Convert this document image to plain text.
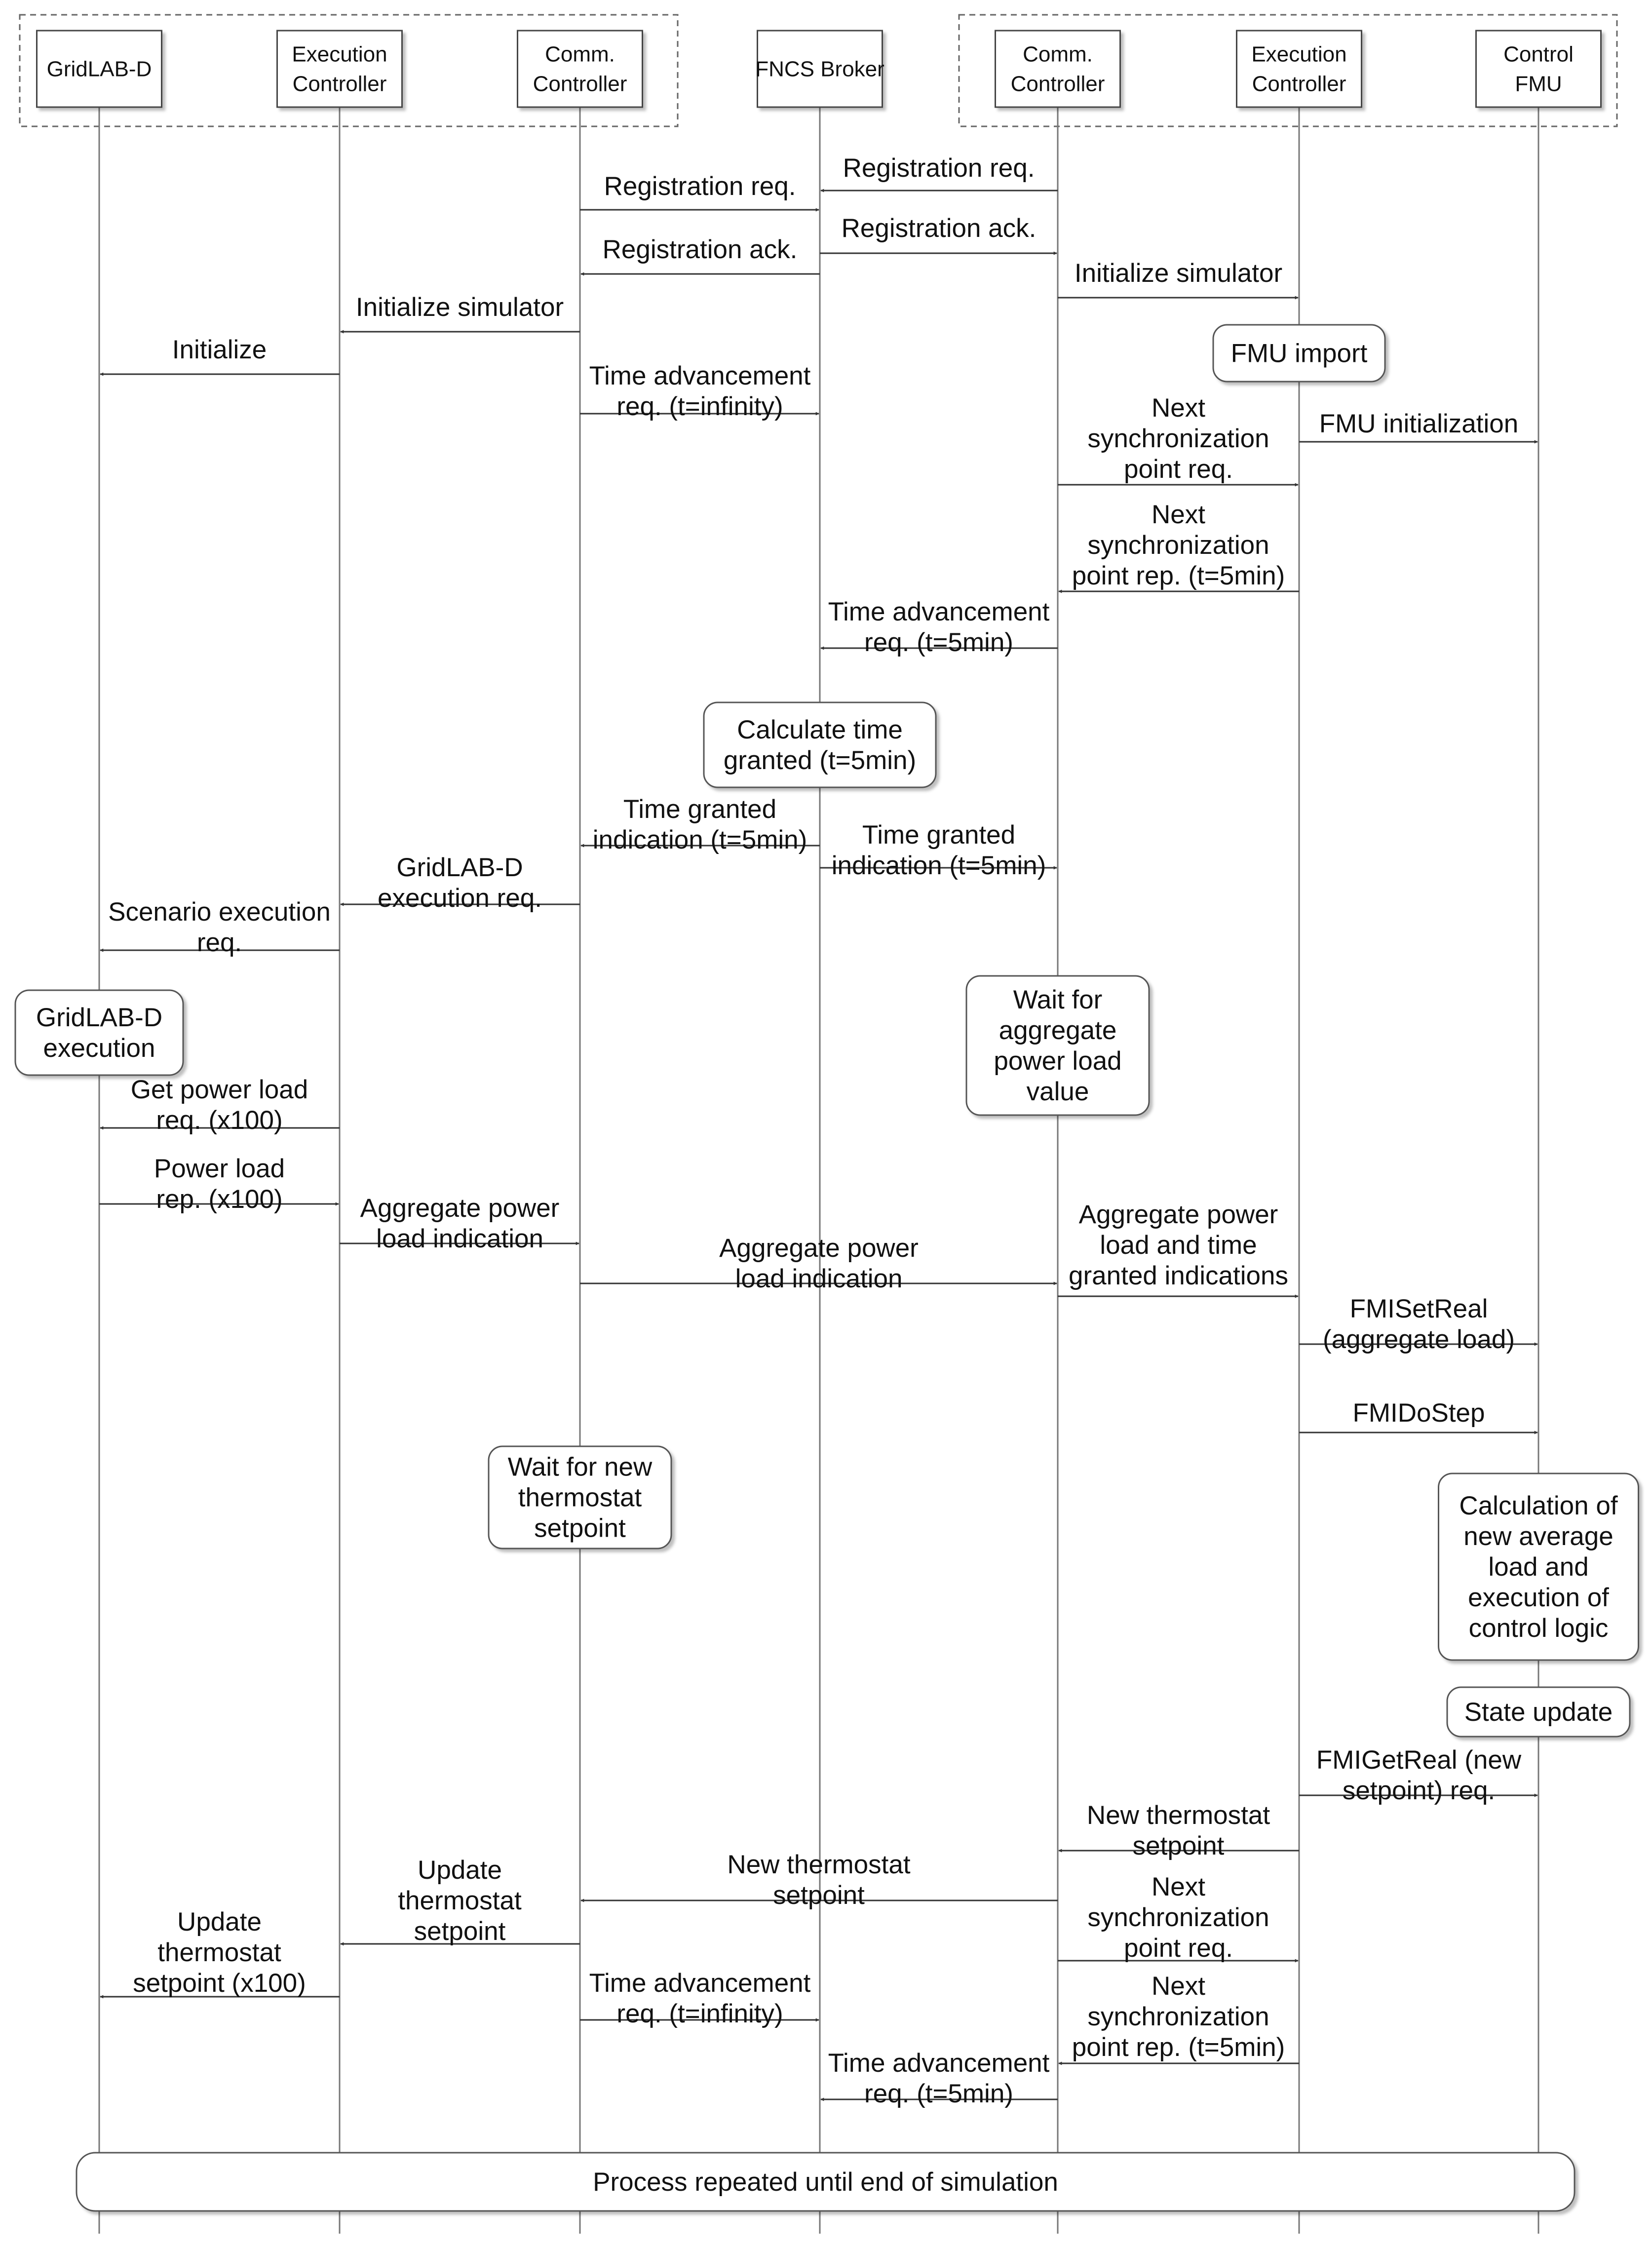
GridLAB-D
Execution
Controller
Comm.
Controller
FNCS Broker
Comm.
Controller
Execution
Controller
Control
FMU
FMU import
Calculate time
granted (t=5min)
GridLAB-D
execution
Wait for
aggregate
power load
value
Wait for new
thermostat
setpoint
Calculation of
new average
load and
execution of
control logic
State update
Registration req.
Registration req.
Registration ack.
Registration ack.
Initialize simulator
Initialize simulator
Initialize
Time advancement
req. (t=infinity)
FMU initialization
Next
synchronization
point req.
Next
synchronization
point rep. (t=5min)
Time advancement
req. (t=5min)
Time granted
indication (t=5min) Time granted
indication (t=5min)
GridLAB-D
execution req.
Scenario execution
req.
Get power load
req. (x100)
Power load
rep. (x100)	Aggregate power
load indication	Aggregate power
load indication
Aggregate power
load and time
granted indications
FMISetReal
(aggregate load)
FMIDoStep
FMIGetReal (new
setpoint) req.
New thermostat
setpoint
New thermostat
setpoint
Update
thermostat
setpoint
Next
synchronization
point req.
Update
thermostat
setpoint (x100)	Time advancement
req. (t=infinity)
Next
synchronization
point rep. (t=5min)
Time advancement
req. (t=5min)
Process repeated until end of simulation
